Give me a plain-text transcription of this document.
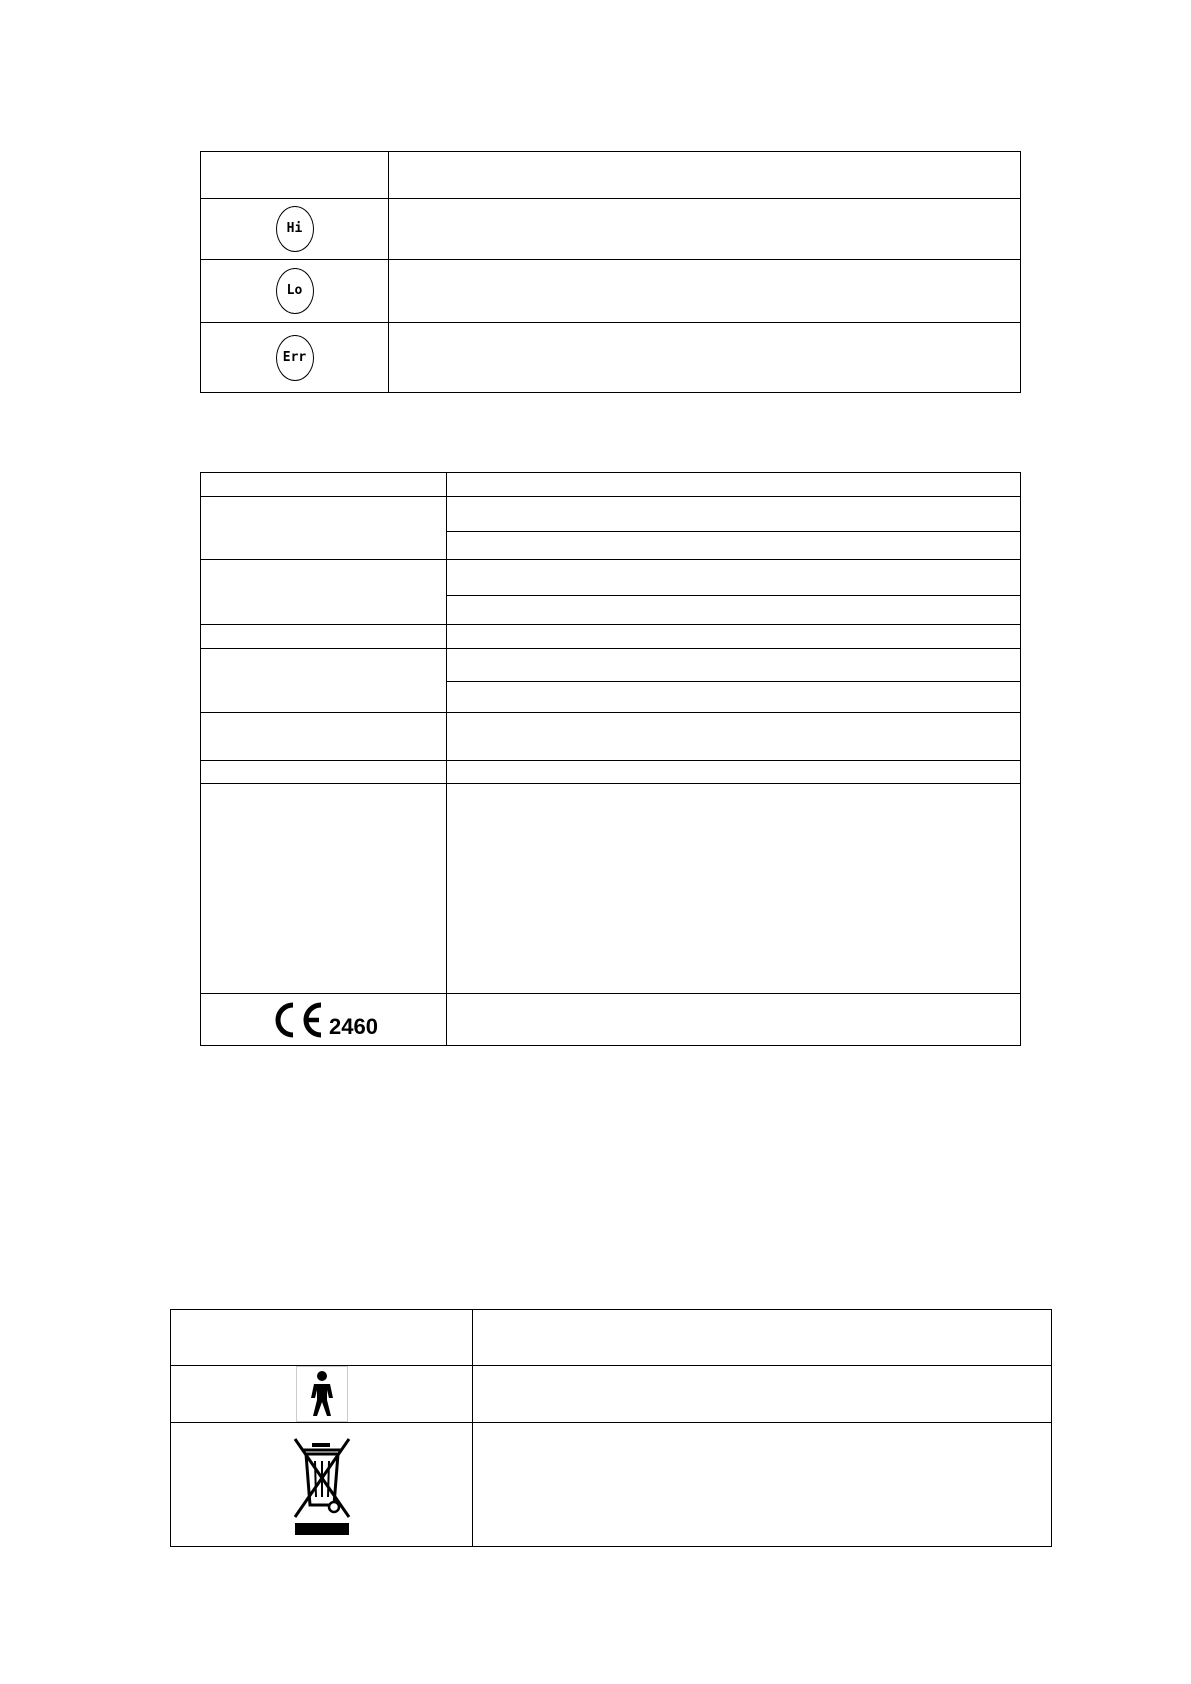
Hi	
Lo	
Err	

2460	
